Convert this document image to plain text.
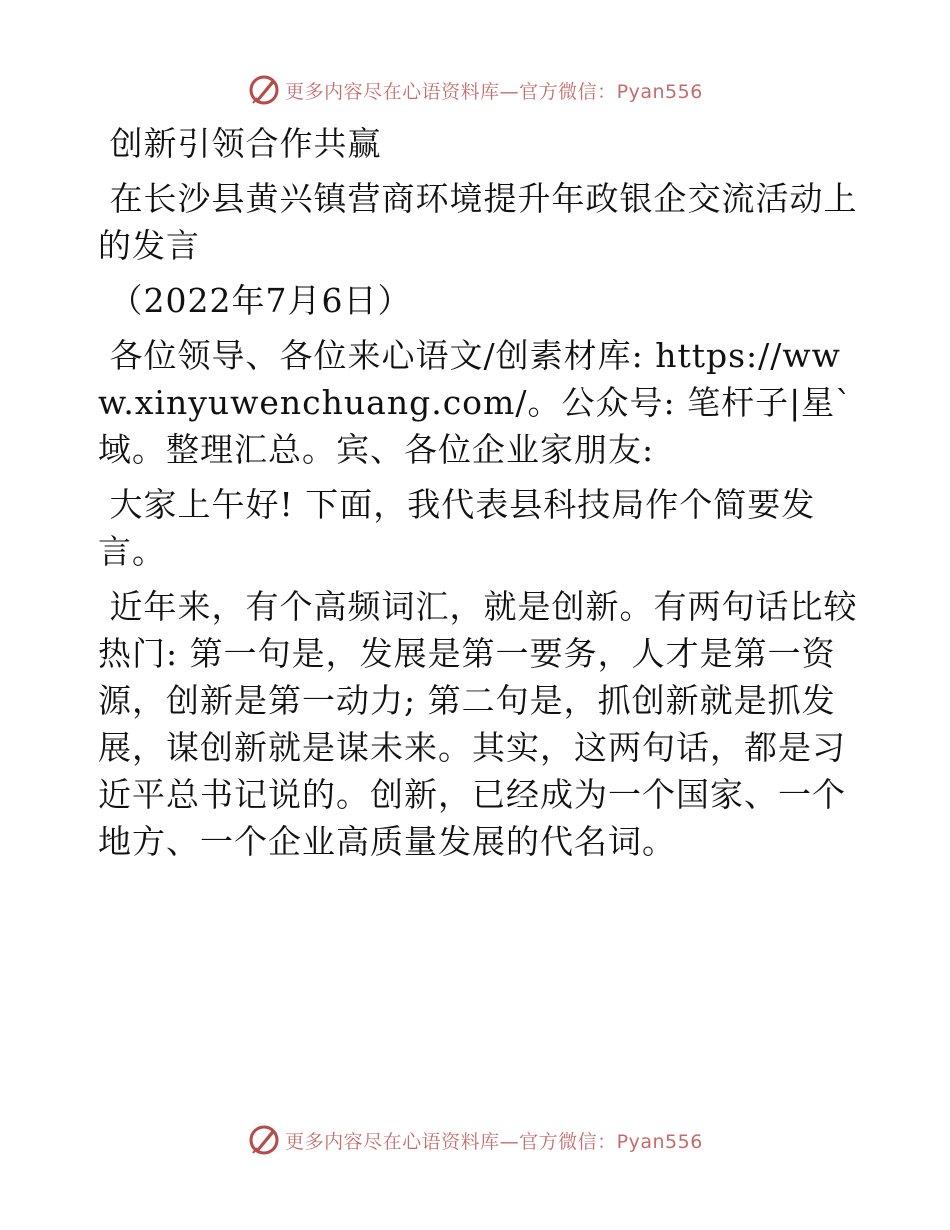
更多内容尽在心语资料库—官方微信：Pyan556

创新引领合作共赢

在长沙县黄兴镇营商环境提升年政银企交流活动上的发言

（2022年7月6日）

各位领导、各位来心语文/创素材库: https://www.xinyuwenchuang.com/。公众号: 笔杆子|星`域。整理汇总。宾、各位企业家朋友:

大家上午好! 下面，我代表县科技局作个简要发言。

近年来，有个高频词汇，就是创新。有两句话比较热门: 第一句是，发展是第一要务，人才是第一资源，创新是第一动力; 第二句是，抓创新就是抓发展，谋创新就是谋未来。其实，这两句话，都是习近平总书记说的。创新，已经成为一个国家、一个地方、一个企业高质量发展的代名词。

更多内容尽在心语资料库—官方微信：Pyan556
